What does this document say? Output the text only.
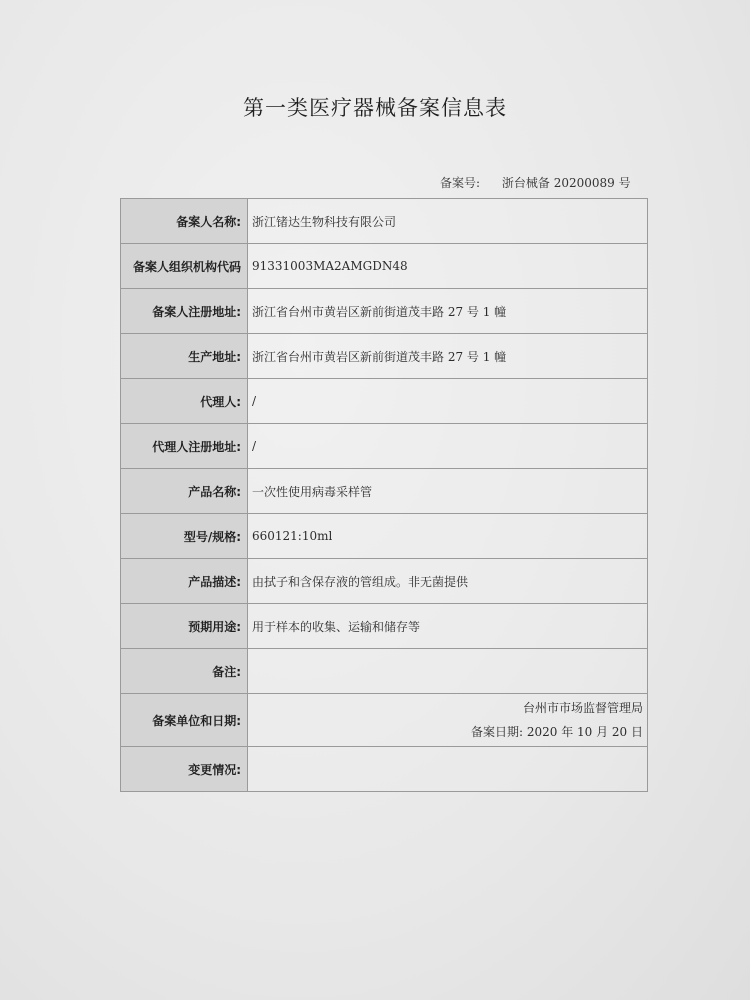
第一类医疗器械备案信息表
备案号: 浙台械备 20200089 号
备案人名称:	浙江锗达生物科技有限公司
备案人组织机构代码	91331003MA2AMGDN48
备案人注册地址:	浙江省台州市黄岩区新前街道茂丰路 27 号 1 幢
生产地址:	浙江省台州市黄岩区新前街道茂丰路 27 号 1 幢
代理人:	/
代理人注册地址:	/
产品名称:	一次性使用病毒采样管
型号/规格:	660121:10ml
产品描述:	由拭子和含保存液的管组成。非无菌提供
预期用途:	用于样本的收集、运输和储存等
备注:	
备案单位和日期:	台州市市场监督管理局
备案日期: 2020 年 10 月 20 日

变更情况:	
